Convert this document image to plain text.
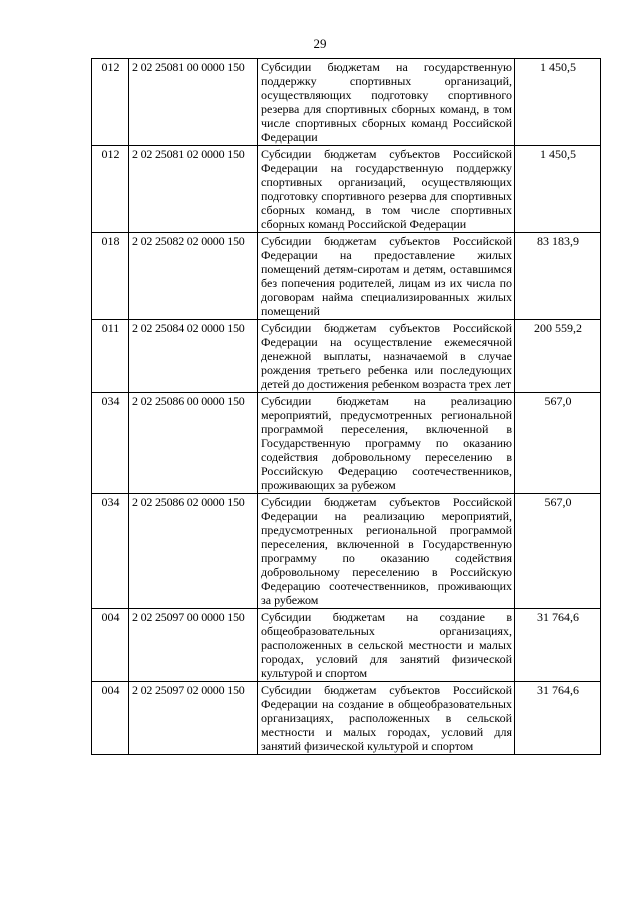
29
012	2 02 25081 00 0000 150	Субсидии бюджетам на государственную поддержку спортивных организаций, осуществляющих подготовку спортивного резерва для спортивных сборных команд, в том числе спортивных сборных команд Российской Федерации	1 450,5
012	2 02 25081 02 0000 150	Субсидии бюджетам субъектов Российской Федерации на государственную поддержку спортивных организаций, осуществляющих подготовку спортивного резерва для спортивных сборных команд, в том числе спортивных сборных команд Российской Федерации	1 450,5
018	2 02 25082 02 0000 150	Субсидии бюджетам субъектов Российской Федерации на предоставление жилых помещений детям-сиротам и детям, оставшимся без попечения родителей, лицам из их числа по договорам найма специализированных жилых помещений	83 183,9
011	2 02 25084 02 0000 150	Субсидии бюджетам субъектов Российской Федерации на осуществление ежемесячной денежной выплаты, назначаемой в случае рождения третьего ребенка или последующих детей до достижения ребенком возраста трех лет	200 559,2
034	2 02 25086 00 0000 150	Субсидии бюджетам на реализацию мероприятий, предусмотренных региональной программой переселения, включенной в Государственную программу по оказанию содействия добровольному переселению в Российскую Федерацию соотечественников, проживающих за рубежом	567,0
034	2 02 25086 02 0000 150	Субсидии бюджетам субъектов Российской Федерации на реализацию мероприятий, предусмотренных региональной программой переселения, включенной в Государственную программу по оказанию содействия добровольному переселению в Российскую Федерацию соотечественников, проживающих за рубежом	567,0
004	2 02 25097 00 0000 150	Субсидии бюджетам на создание в общеобразовательных организациях, расположенных в сельской местности и малых городах, условий для занятий физической культурой и спортом	31 764,6
004	2 02 25097 02 0000 150	Субсидии бюджетам субъектов Российской Федерации на создание в общеобразовательных организациях, расположенных в сельской местности и малых городах, условий для занятий физической культурой и спортом	31 764,6
